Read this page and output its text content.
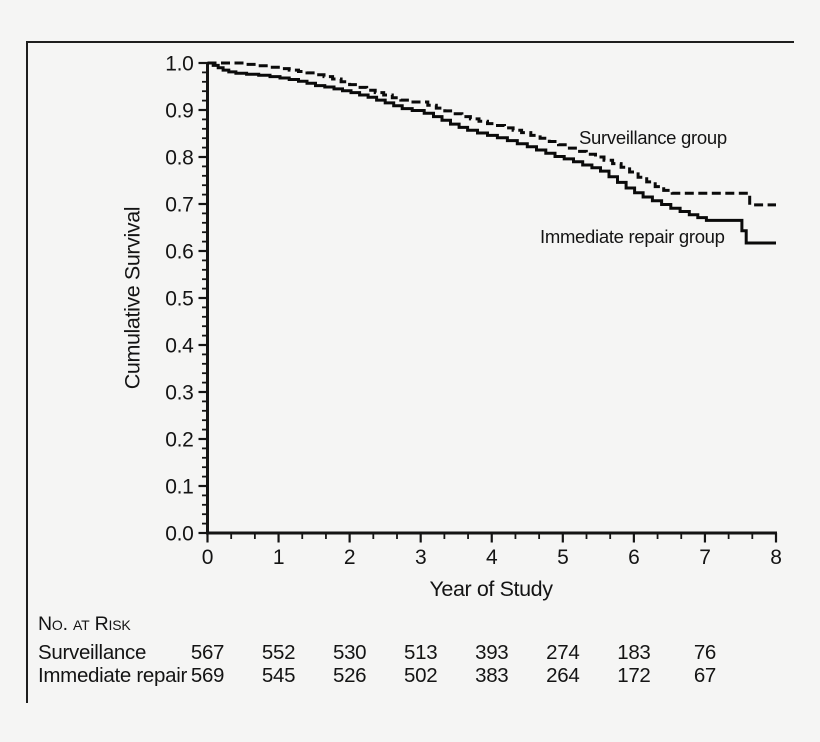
0.0
0.1
0.2
0.3
0.4
0.5
0.6
0.7
0.8
0.9
1.0
0	1	2	3	4	5	6	7	8
Cumulative Survival
Year of Study
Surveillance group
Immediate repair group
No. at Risk
Surveillance	567	552	530	513	393	274	183	76
Immediate repair 569	545	526	502	383	264	172	67
